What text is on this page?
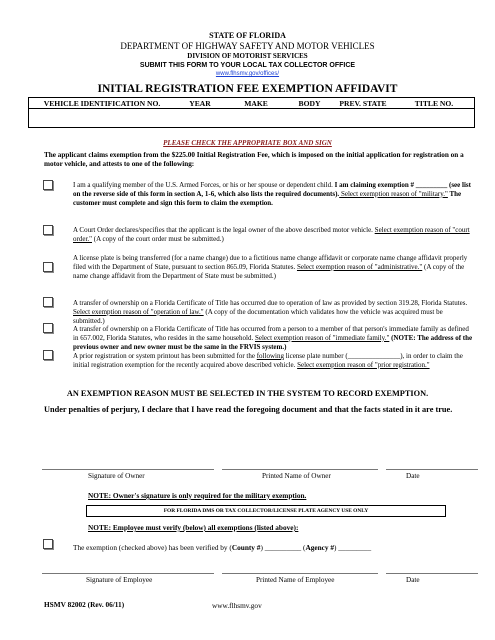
STATE OF FLORIDA
DEPARTMENT OF HIGHWAY SAFETY AND MOTOR VEHICLES
DIVISION OF MOTORIST SERVICES
SUBMIT THIS FORM TO YOUR LOCAL TAX COLLECTOR OFFICE
www.flhsmv.gov/offices/
INITIAL REGISTRATION FEE EXEMPTION AFFIDAVIT
VEHICLE IDENTIFICATION NO.	YEAR	MAKE	BODY	PREV. STATE	TITLE NO.
PLEASE CHECK THE APPROPRIATE BOX AND SIGN
The applicant claims exemption from the $225.00 Initial Registration Fee, which is imposed on the initial application for registration on a motor vehicle, and attests to one of the following:
I am a qualifying member of the U.S. Armed Forces, or his or her spouse or dependent child. I am claiming exemption # _________ (see list on the reverse side of this form in section A, 1-6, which also lists the required documents). Select exemption reason of "military." The customer must complete and sign this form to claim the exemption.
A Court Order declares/specifies that the applicant is the legal owner of the above described motor vehicle. Select exemption reason of "court order." (A copy of the court order must be submitted.)
A license plate is being transferred (for a name change) due to a fictitious name change affidavit or corporate name change affidavit properly filed with the Department of State, pursuant to section 865.09, Florida Statutes. Select exemption reason of "administrative." (A copy of the name change affidavit from the Department of State must be submitted.)
A transfer of ownership on a Florida Certificate of Title has occurred due to operation of law as provided by section 319.28, Florida Statutes. Select exemption reason of "operation of law." (A copy of the documentation which validates how the vehicle was acquired must be submitted.)
A transfer of ownership on a Florida Certificate of Title has occurred from a person to a member of that person's immediate family as defined in 657.002, Florida Statutes, who resides in the same household. Select exemption reason of "immediate family." (NOTE: The address of the previous owner and new owner must be the same in the FRVIS system.)
A prior registration or system printout has been submitted for the following license plate number (_______________), in order to claim the initial registration exemption for the recently acquired above described vehicle. Select exemption reason of "prior registration."
AN EXEMPTION REASON MUST BE SELECTED IN THE SYSTEM TO RECORD EXEMPTION.
Under penalties of perjury, I declare that I have read the foregoing document and that the facts stated in it are true.
Signature of Owner	Printed Name of Owner	Date
NOTE: Owner's signature is only required for the military exemption.
FOR FLORIDA DMS OR TAX COLLECTOR/LICENSE PLATE AGENCY USE ONLY
NOTE: Employee must verify (below) all exemptions (listed above):
The exemption (checked above) has been verified by (County #) __________ (Agency #) _________
Signature of Employee	Printed Name of Employee	Date
HSMV 82002 (Rev. 06/11)	www.flhsmv.gov
